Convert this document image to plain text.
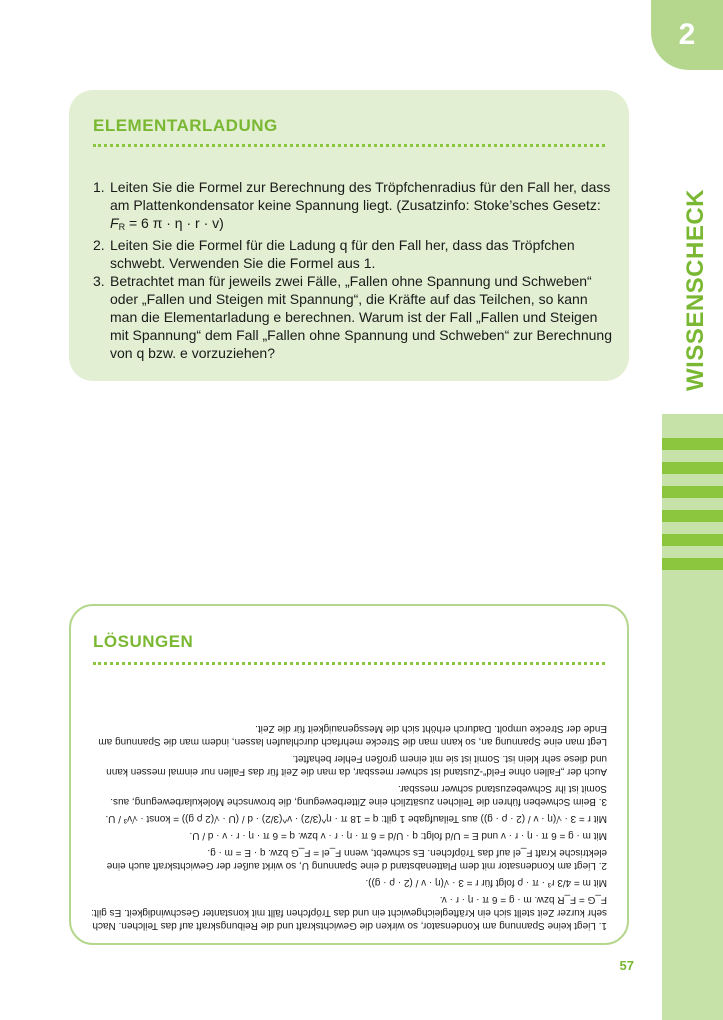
2
WISSENSCHECK
ELEMENTARLADUNG
1. Leiten Sie die Formel zur Berechnung des Tröpfchenradius für den Fall her, dass am Plattenkondensator keine Spannung liegt. (Zusatzinfo: Stoke’sches Gesetz:
$F_R = 6$ π · η · r · v)
2. Leiten Sie die Formel für die Ladung q für den Fall her, dass das Tröpfchen schwebt. Verwenden Sie die Formel aus 1.
3. Betrachtet man für jeweils zwei Fälle, „Fallen ohne Spannung und Schweben“ oder „Fallen und Steigen mit Spannung“, die Kräfte auf das Teilchen, so kann man die Elementarladung e berechnen. Warum ist der Fall „Fallen und Steigen mit Spannung“ dem Fall „Fallen ohne Spannung und Schweben“ zur Berechnung von q bzw. e vorzuziehen?
LÖSUNGEN

1. Liegt keine Spannung am Kondensator, so wirken die Gewichtskraft und die Reibungskraft auf das Teilchen. Nach sehr kurzer Zeit stellt sich ein Kräftegleichgewicht ein und das Tröpfchen fällt mit konstanter Geschwindigkeit. Es gilt: F_G = F_R bzw. m · g = 6 π · η · r · v.

Mit m = 4/3 r³ · π · ρ folgt für r = 3 · √(η · v / (2 · ρ · g)).

2. Liegt am Kondensator mit dem Plattenabstand d eine Spannung U, so wirkt außer der Gewichtskraft auch eine elektrische Kraft F_el auf das Tröpfchen. Es schwebt, wenn F_el = F_G bzw. q · E = m · g.

Mit m · g = 6 π · η · r · v und E = U/d folgt: q · U/d = 6 π · η · r · v bzw. q = 6 π · η · r · v · d / U.

Mit r = 3 · √(η · v / (2 · ρ · g)) aus Teilaufgabe 1 gilt: q = 18 π · η^(3/2) · v^(3/2) · d / (U · √(2 ρ g)) = konst · √v³ / U.

3. Beim Schweben führen die Teilchen zusätzlich eine Zitterbewegung, die brownsche Molekularbewegung, aus. Somit ist ihr Schwebezustand schwer messbar.

Auch der „Fallen ohne Feld“-Zustand ist schwer messbar, da man die Zeit für das Fallen nur einmal messen kann und diese sehr klein ist. Somit ist sie mit einem großen Fehler behaftet.

Legt man eine Spannung an, so kann man die Strecke mehrfach durchlaufen lassen, indem man die Spannung am Ende der Strecke umpolt. Dadurch erhöht sich die Messgenauigkeit für die Zeit.

57
